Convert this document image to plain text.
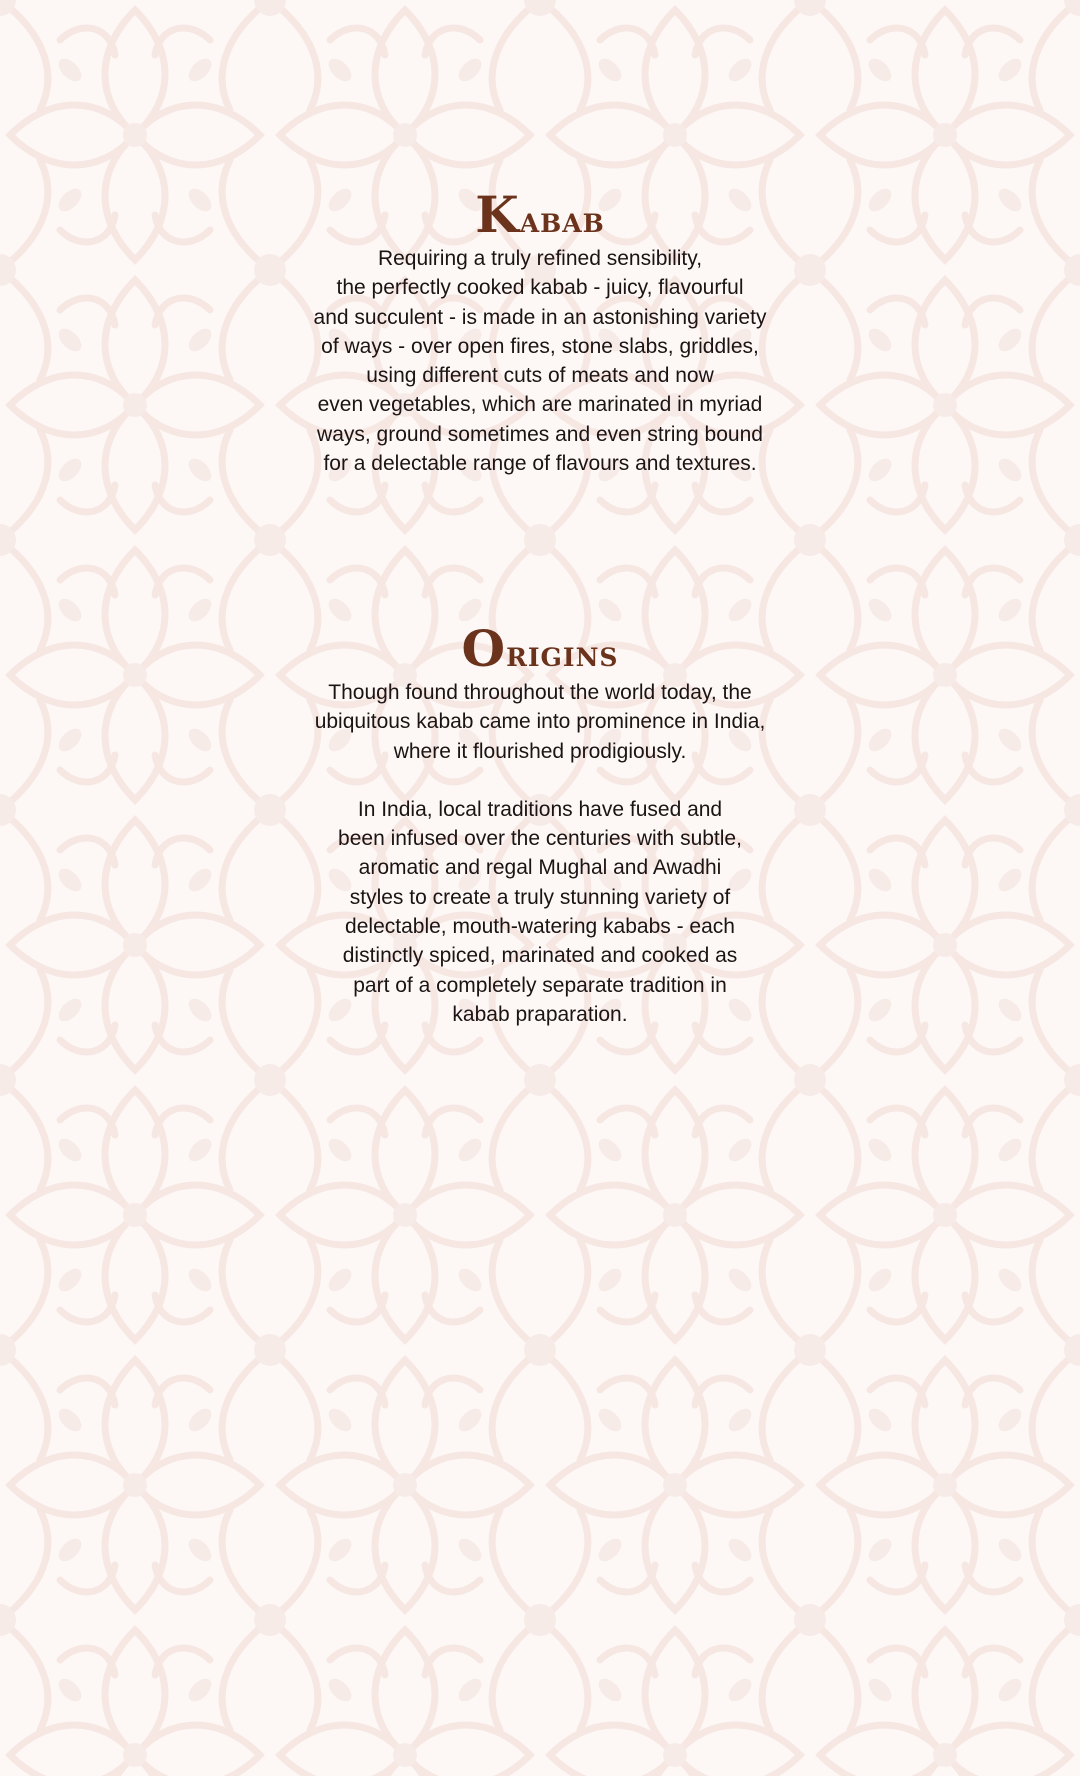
Kabab

Requiring a truly refined sensibility,
the perfectly cooked kabab - juicy, flavourful
and succulent - is made in an astonishing variety
of ways - over open fires, stone slabs, griddles,
using different cuts of meats and now
even vegetables, which are marinated in myriad
ways, ground sometimes and even string bound
for a delectable range of flavours and textures.

Origins

Though found throughout the world today, the
ubiquitous kabab came into prominence in India,
where it flourished prodigiously.

In India, local traditions have fused and
been infused over the centuries with subtle,
aromatic and regal Mughal and Awadhi
styles to create a truly stunning variety of
delectable, mouth-watering kababs - each
distinctly spiced, marinated and cooked as
part of a completely separate tradition in
kabab praparation.
